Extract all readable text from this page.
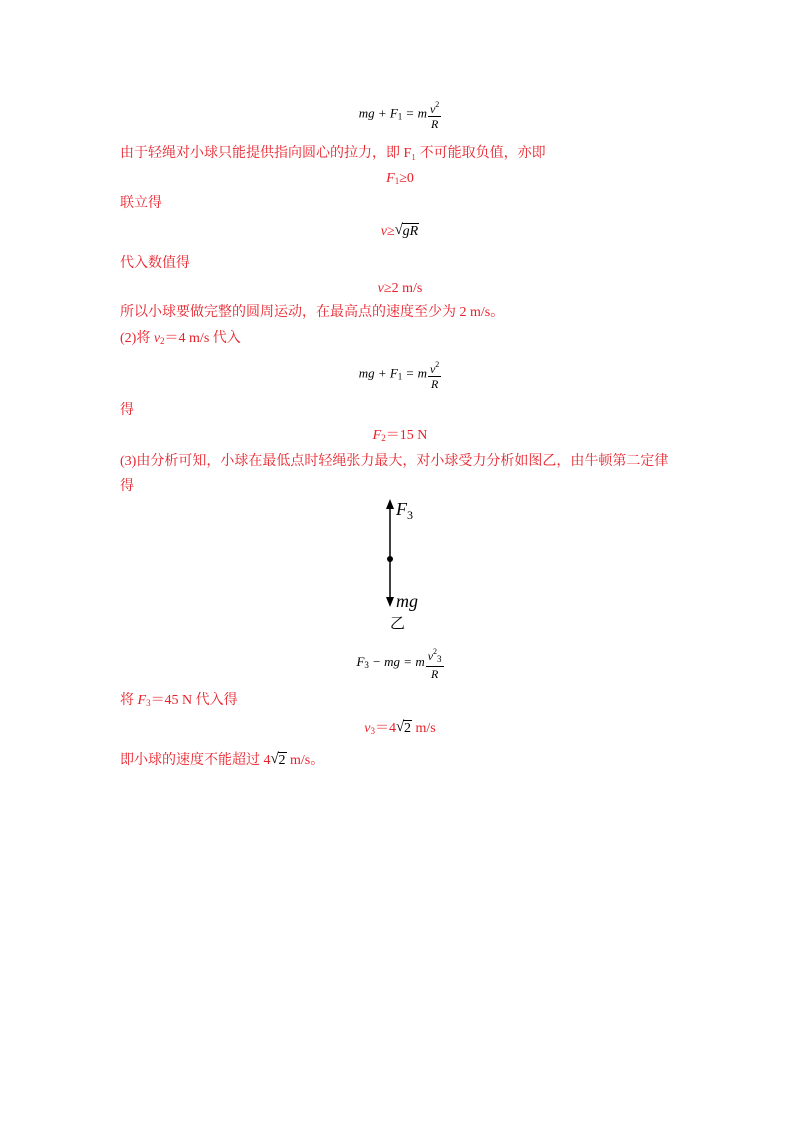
mg + $F_1 = m \frac{v^2}{R}$
由于轻绳对小球只能提供指向圆心的拉力，即 F₁ 不可能取负值，亦即
$F_1\ge 0$
联立得
v≥ √ gR
代入数值得
v≥2 m/s
所以小球要做完整的圆周运动，在最高点的速度至少为 2 m/s。
(2)将 $v_2=4$ m/s 代入
mg + $F_1 = m \frac{v^2}{R}$
得
$F_2=15$ N
(3)由分析可知，小球在最低点时轻绳张力最大，对小球受力分析如图乙，由牛顿第二定律
得
$F_3$
mg
乙
$F_3$ − mg = m $\frac{v^2_3}{R}$
将 $F_3=45$ N 代入得
$v_3=4$ √ 2 m/s
即小球的速度不能超过 4 √ 2 m/s。
